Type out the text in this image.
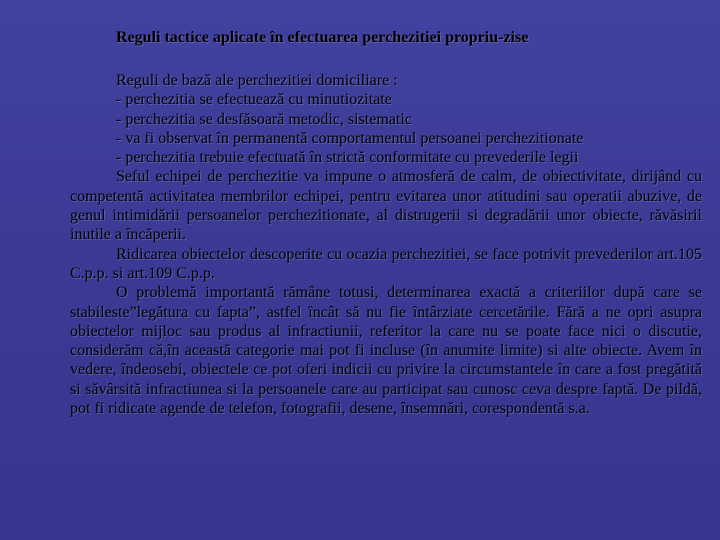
Reguli tactice aplicate în efectuarea perchezitiei propriu-zise
Reguli de bază ale perchezitiei domiciliare :
- perchezitia se efectuează cu minutiozitate
- perchezitia se desfăsoară metodic, sistematic
- va fi observat în permanentă comportamentul persoanei perchezitionate
- perchezitia trebuie efectuată în strictă conformitate cu prevederile legii

Seful echipei de perchezitie va impune o atmosferă de calm, de obiectivitate, dirijând cu competentă activitatea membrilor echipei, pentru evitarea unor atitudini sau operatii abuzive, de genul intimidării persoanelor perchezitionate, al distrugerii si degradării unor obiecte, răvăsirii inutile a încăperii.

Ridicarea obiectelor descoperite cu ocazia perchezitiei, se face potrivit prevederilor art.105 C.p.p. si art.109 C.p.p.

O problemă importantă rămâne totusi, determinarea exactă a criteriilor după care se stabileste”legătura cu fapta”, astfel încât să nu fie întârziate cercetările. Fără a ne opri asupra obiectelor mijloc sau produs al infractiunii, referitor la care nu se poate face nici o discutie, considerăm că,în această categorie mai pot fi incluse (în anumite limite) si alte obiecte. Avem în vedere, îndeosebi, obiectele ce pot oferi indicii cu privire la circumstantele în care a fost pregătită si săvârsită infractiunea si la persoanele care au participat sau cunosc ceva despre faptă. De pildă, pot fi ridicate agende de telefon, fotografii, desene, însemnări, corespondentă s.a.
